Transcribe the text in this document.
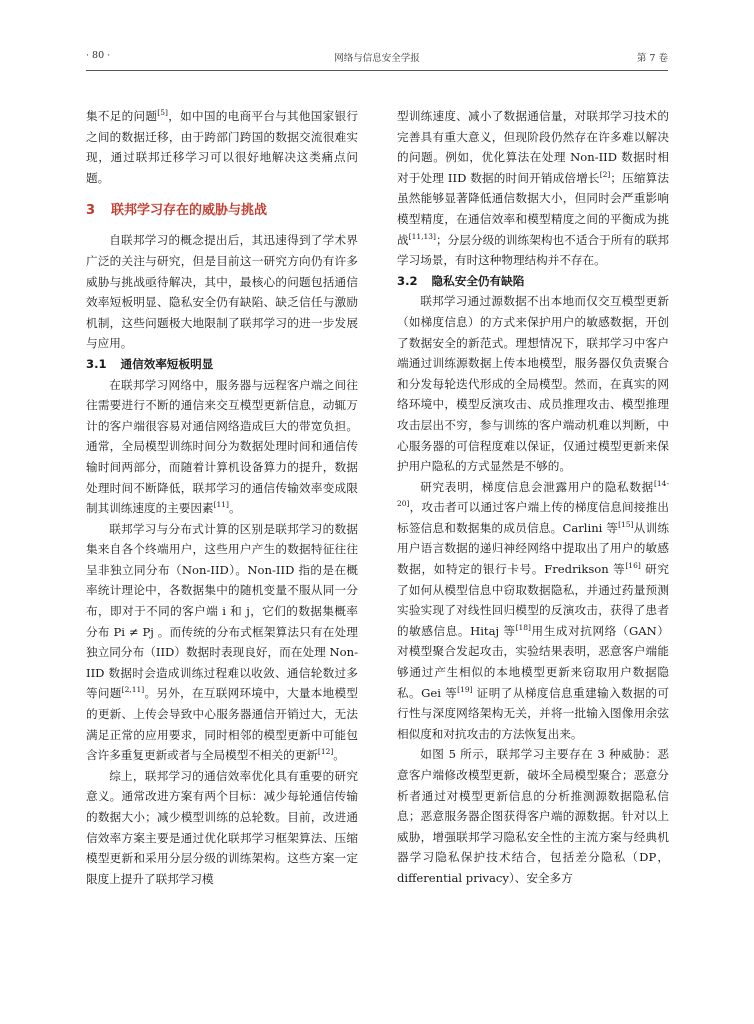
· 80 ·	网络与信息安全学报	第 7 卷

集不足的问题[5]，如中国的电商平台与其他国家银行之间的数据迁移，由于跨部门跨国的数据交流很难实现，通过联邦迁移学习可以很好地解决这类痛点问题。

3 联邦学习存在的威胁与挑战

自联邦学习的概念提出后，其迅速得到了学术界广泛的关注与研究，但是目前这一研究方向仍有许多威胁与挑战亟待解决，其中，最核心的问题包括通信效率短板明显、隐私安全仍有缺陷、缺乏信任与激励机制，这些问题极大地限制了联邦学习的进一步发展与应用。

3.1 通信效率短板明显

在联邦学习网络中，服务器与远程客户端之间往往需要进行不断的通信来交互模型更新信息，动辄万计的客户端很容易对通信网络造成巨大的带宽负担。通常，全局模型训练时间分为数据处理时间和通信传输时间两部分，而随着计算机设备算力的提升，数据处理时间不断降低，联邦学习的通信传输效率变成限制其训练速度的主要因素[11]。

联邦学习与分布式计算的区别是联邦学习的数据集来自各个终端用户，这些用户产生的数据特征往往呈非独立同分布（Non-IID）。Non-IID 指的是在概率统计理论中，各数据集中的随机变量不服从同一分布，即对于不同的客户端 i 和 j，它们的数据集概率分布 Pi ≠ Pj 。而传统的分布式框架算法只有在处理独立同分布（IID）数据时表现良好，而在处理 Non-IID 数据时会造成训练过程难以收敛、通信轮数过多等问题[2,11]。另外，在互联网环境中，大量本地模型的更新、上传会导致中心服务器通信开销过大，无法满足正常的应用要求，同时相邻的模型更新中可能包含许多重复更新或者与全局模型不相关的更新[12]。

综上，联邦学习的通信效率优化具有重要的研究意义。通常改进方案有两个目标：减少每轮通信传输的数据大小；减少模型训练的总轮数。目前，改进通信效率方案主要是通过优化联邦学习框架算法、压缩模型更新和采用分层分级的训练架构。这些方案一定限度上提升了联邦学习模

型训练速度、减小了数据通信量，对联邦学习技术的完善具有重大意义，但现阶段仍然存在许多难以解决的问题。例如，优化算法在处理 Non-IID 数据时相对于处理 IID 数据的时间开销成倍增长[2]；压缩算法虽然能够显著降低通信数据大小，但同时会严重影响模型精度，在通信效率和模型精度之间的平衡成为挑战[11,13]；分层分级的训练架构也不适合于所有的联邦学习场景，有时这种物理结构并不存在。

3.2 隐私安全仍有缺陷

联邦学习通过源数据不出本地而仅交互模型更新（如梯度信息）的方式来保护用户的敏感数据，开创了数据安全的新范式。理想情况下，联邦学习中客户端通过训练源数据上传本地模型，服务器仅负责聚合和分发每轮迭代形成的全局模型。然而，在真实的网络环境中，模型反演攻击、成员推理攻击、模型推理攻击层出不穷，参与训练的客户端动机难以判断，中心服务器的可信程度难以保证，仅通过模型更新来保护用户隐私的方式显然是不够的。

研究表明，梯度信息会泄露用户的隐私数据[14-20]，攻击者可以通过客户端上传的梯度信息间接推出标签信息和数据集的成员信息。Carlini 等[15]从训练用户语言数据的递归神经网络中提取出了用户的敏感数据，如特定的银行卡号。Fredrikson 等[16] 研究了如何从模型信息中窃取数据隐私，并通过药量预测实验实现了对线性回归模型的反演攻击，获得了患者的敏感信息。Hitaj 等[18]用生成对抗网络（GAN）对模型聚合发起攻击，实验结果表明，恶意客户端能够通过产生相似的本地模型更新来窃取用户数据隐私。Gei 等[19] 证明了从梯度信息重建输入数据的可行性与深度网络架构无关，并将一批输入图像用余弦相似度和对抗攻击的方法恢复出来。

如图 5 所示，联邦学习主要存在 3 种威胁：恶意客户端修改模型更新，破坏全局模型聚合；恶意分析者通过对模型更新信息的分析推测源数据隐私信息；恶意服务器企图获得客户端的源数据。针对以上威胁，增强联邦学习隐私安全性的主流方案与经典机器学习隐私保护技术结合，包括差分隐私（DP，differential privacy）、安全多方
